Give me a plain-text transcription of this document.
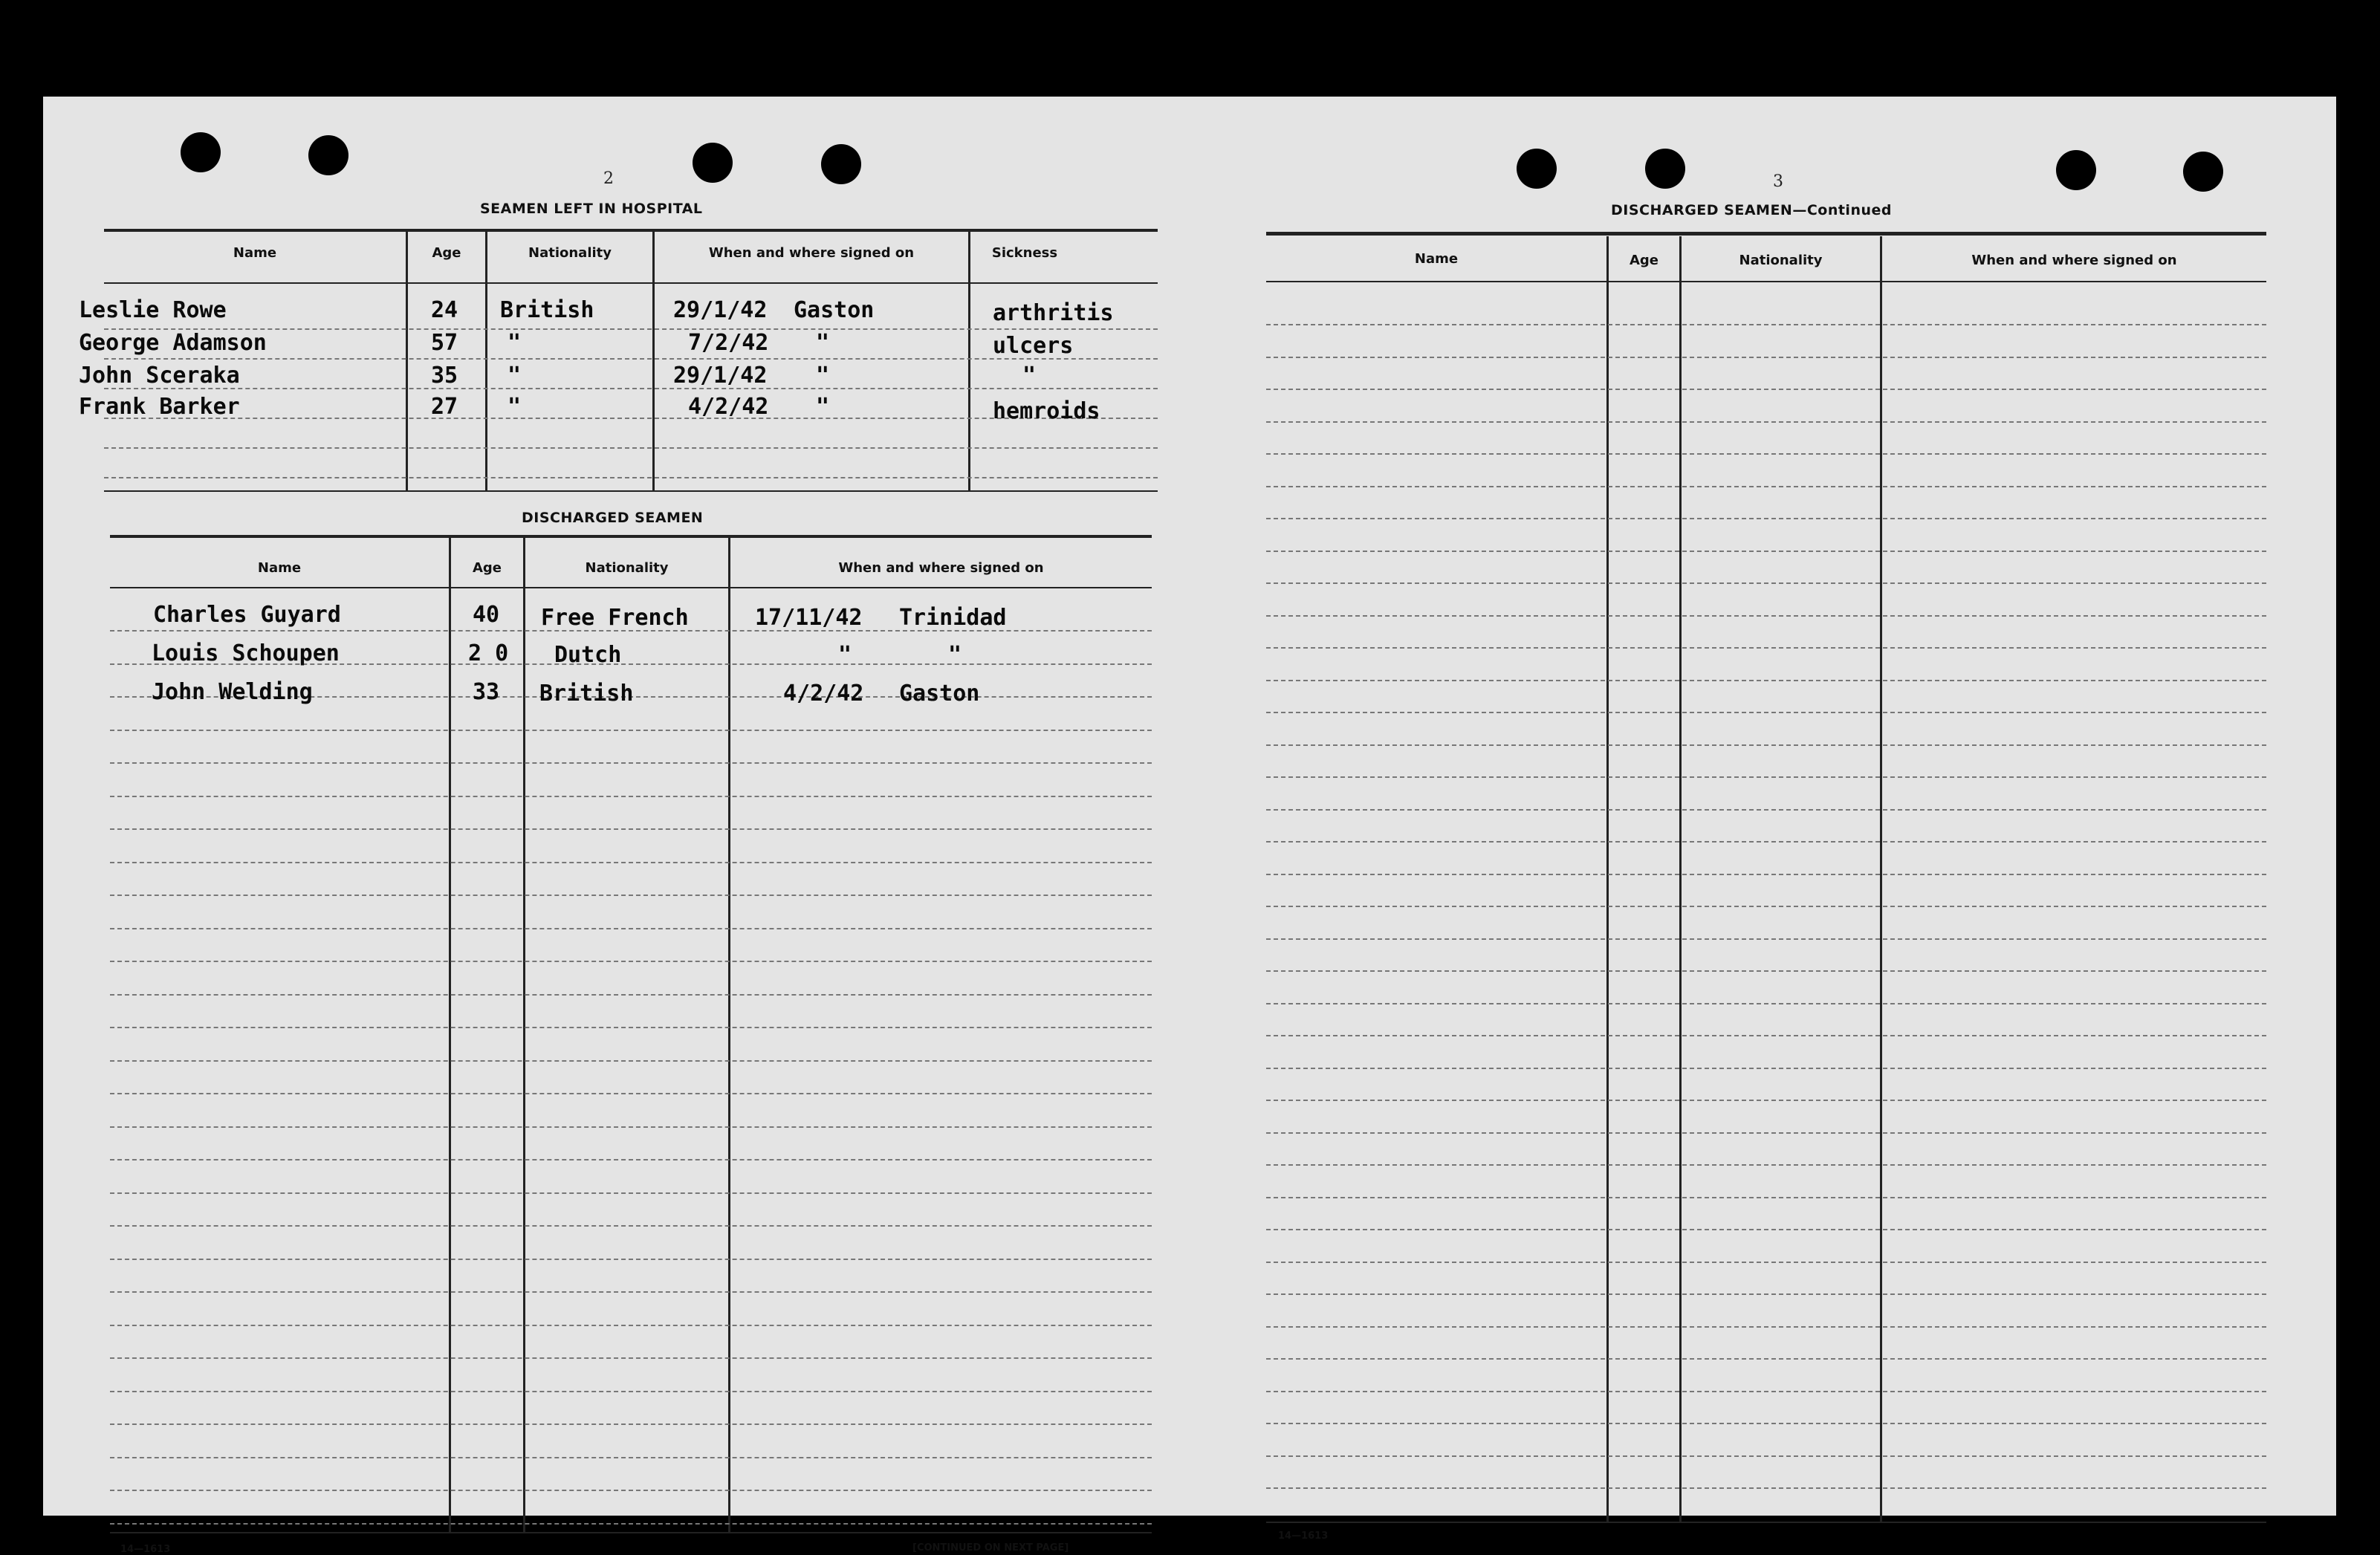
2
SEAMEN LEFT IN HOSPITAL
Name	Age	Nationality	When and where signed on	Sickness
Leslie Rowe	24 British	29/1/42 Gaston	arthritis
George Adamson	57 "	7/2/42 "	ulcers
John Sceraka	35 "	29/1/42 "	"
Frank Barker	27 "	4/2/42 "	hemroids
DISCHARGED SEAMEN
Name	Age	Nationality	When and where signed on
Charles Guyard	40 Free French	17/11/42 Trinidad
Louis Schoupen	2 0 Dutch	"	"
John Welding	33 British	4/2/42 Gaston
14—1613	[CONTINUED ON NEXT PAGE]
3
DISCHARGED SEAMEN—Continued
Name	Age	Nationality	When and where signed on
14—1613
